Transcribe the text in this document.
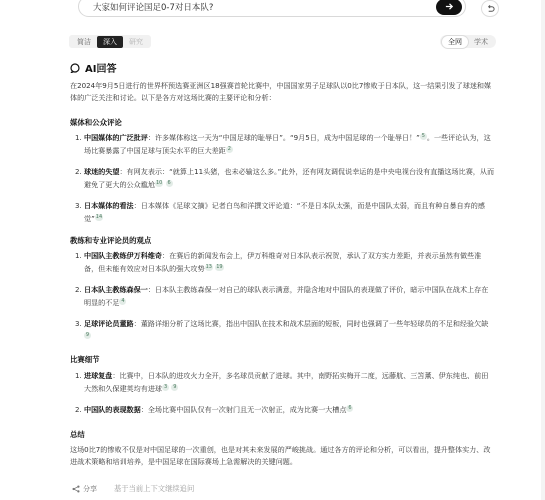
大家如何评论国足0-7对日本队?
简洁	深入	研究	全网	学术
AI回答
在2024年9月5日进行的世界杯预选赛亚洲区18强赛首轮比赛中，中国国家男子足球队以0比7惨败于日本队，这一结果引发了球迷和媒体的广泛关注和讨论。以下是各方对这场比赛的主要评论和分析：
媒体和公众评论
1. 中国媒体的广泛批评：许多媒体称这一天为“中国足球的耻辱日”。“9月5日，成为中国足球的一个耻辱日！” 5 。一些评论认为，这场比赛暴露了中国足球与顶尖水平的巨大差距 2
2. 球迷的失望：有网友表示：“就算上11头猪，也未必输这么多。”此外，还有网友调侃说幸运的是中央电视台没有直播这场比赛，从而避免了更大的公众尴尬10 6
3. 日本媒体的看法：日本媒体《足球文摘》记者白鸟和洋撰文评论道：“不是日本队太强，而是中国队太弱，而且有种自暴自弃的感觉”14
教练和专业评论员的观点
1. 中国队主教练伊万科维奇：在赛后的新闻发布会上，伊万科维奇对日本队表示祝贺，承认了双方实力差距，并表示虽然有做些准备，但未能有效应对日本队的强大攻势13 19
2. 日本队主教练森保一：日本队主教练森保一对自己的球队表示满意，并隐含地对中国队的表现做了评价，暗示中国队在战术上存在明显的不足 4
3. 足球评论员董路：董路详细分析了这场比赛，指出中国队在技术和战术层面的短板，同时也强调了一些年轻球员的不足和经验欠缺9
比赛细节
1. 进球复盘：比赛中，日本队的进攻火力全开，多名球员贡献了进球。其中，南野拓实梅开二度，远藤航、三笘薰、伊东纯也、前田大然和久保建英均有进球 3 9
2. 中国队的表现数据：全场比赛中国队仅有一次射门且无一次射正，成为比赛一大槽点 6
总结
这场0比7的惨败不仅是对中国足球的一次重创，也是对其未来发展的严峻挑战。通过各方的评论和分析，可以看出，提升整体实力、改进战术策略和培训培养，是中国足球在国际赛场上急需解决的关键问题。
分享	基于当前上下文继续追问
